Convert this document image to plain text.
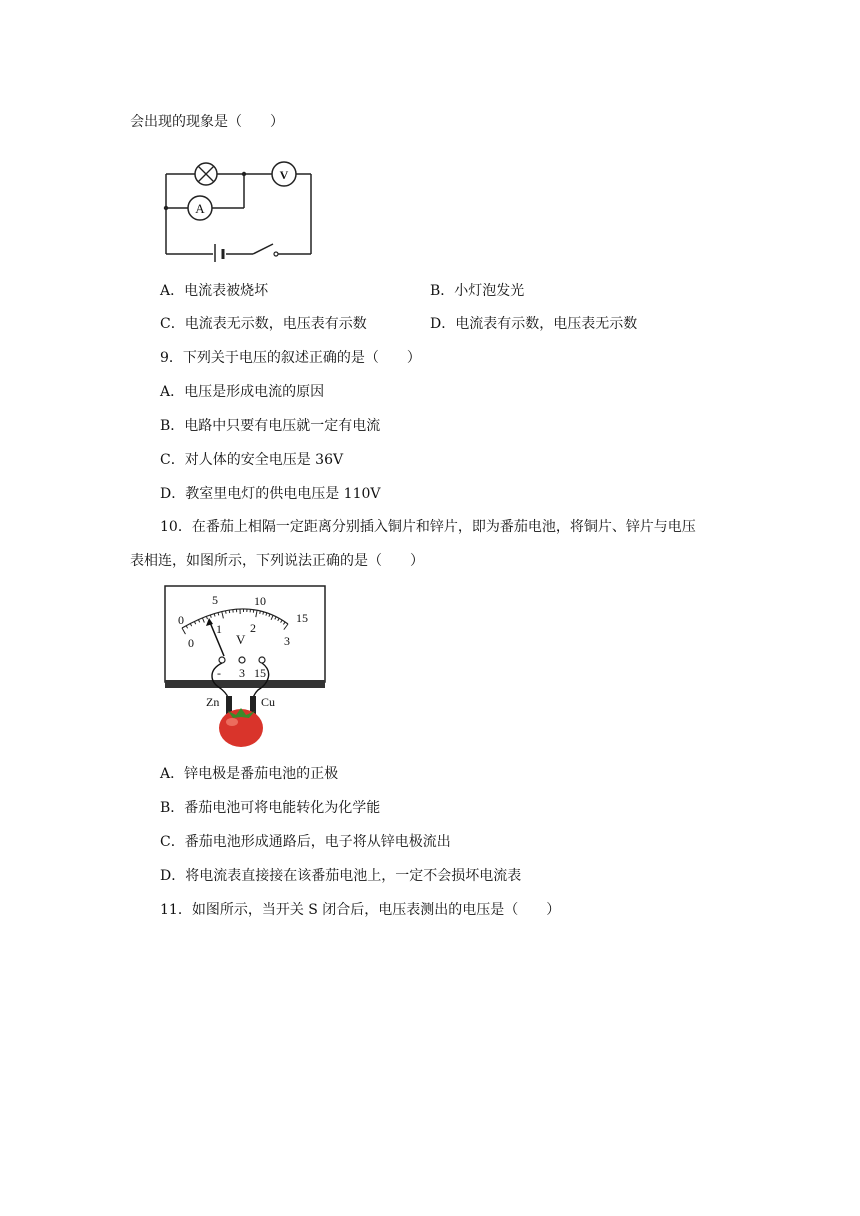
会出现的现象是（　　）
A
V
A．电流表被烧坏	B．小灯泡发光
C．电流表无示数，电压表有示数	D．电流表有示数，电压表无示数
9．下列关于电压的叙述正确的是（　　）
A．电压是形成电流的原因
B．电路中只要有电压就一定有电流
C．对人体的安全电压是 36V
D．教室里电灯的供电电压是 110V
10．在番茄上相隔一定距离分别插入铜片和锌片，即为番茄电池，将铜片、锌片与电压
表相连，如图所示，下列说法正确的是（　　）
0
5	10
15
0
1 2
3
V
- 3 15
Zn	Cu
A．锌电极是番茄电池的正极
B．番茄电池可将电能转化为化学能
C．番茄电池形成通路后，电子将从锌电极流出
D．将电流表直接接在该番茄电池上，一定不会损坏电流表
11．如图所示，当开关 S 闭合后，电压表测出的电压是（　　）
